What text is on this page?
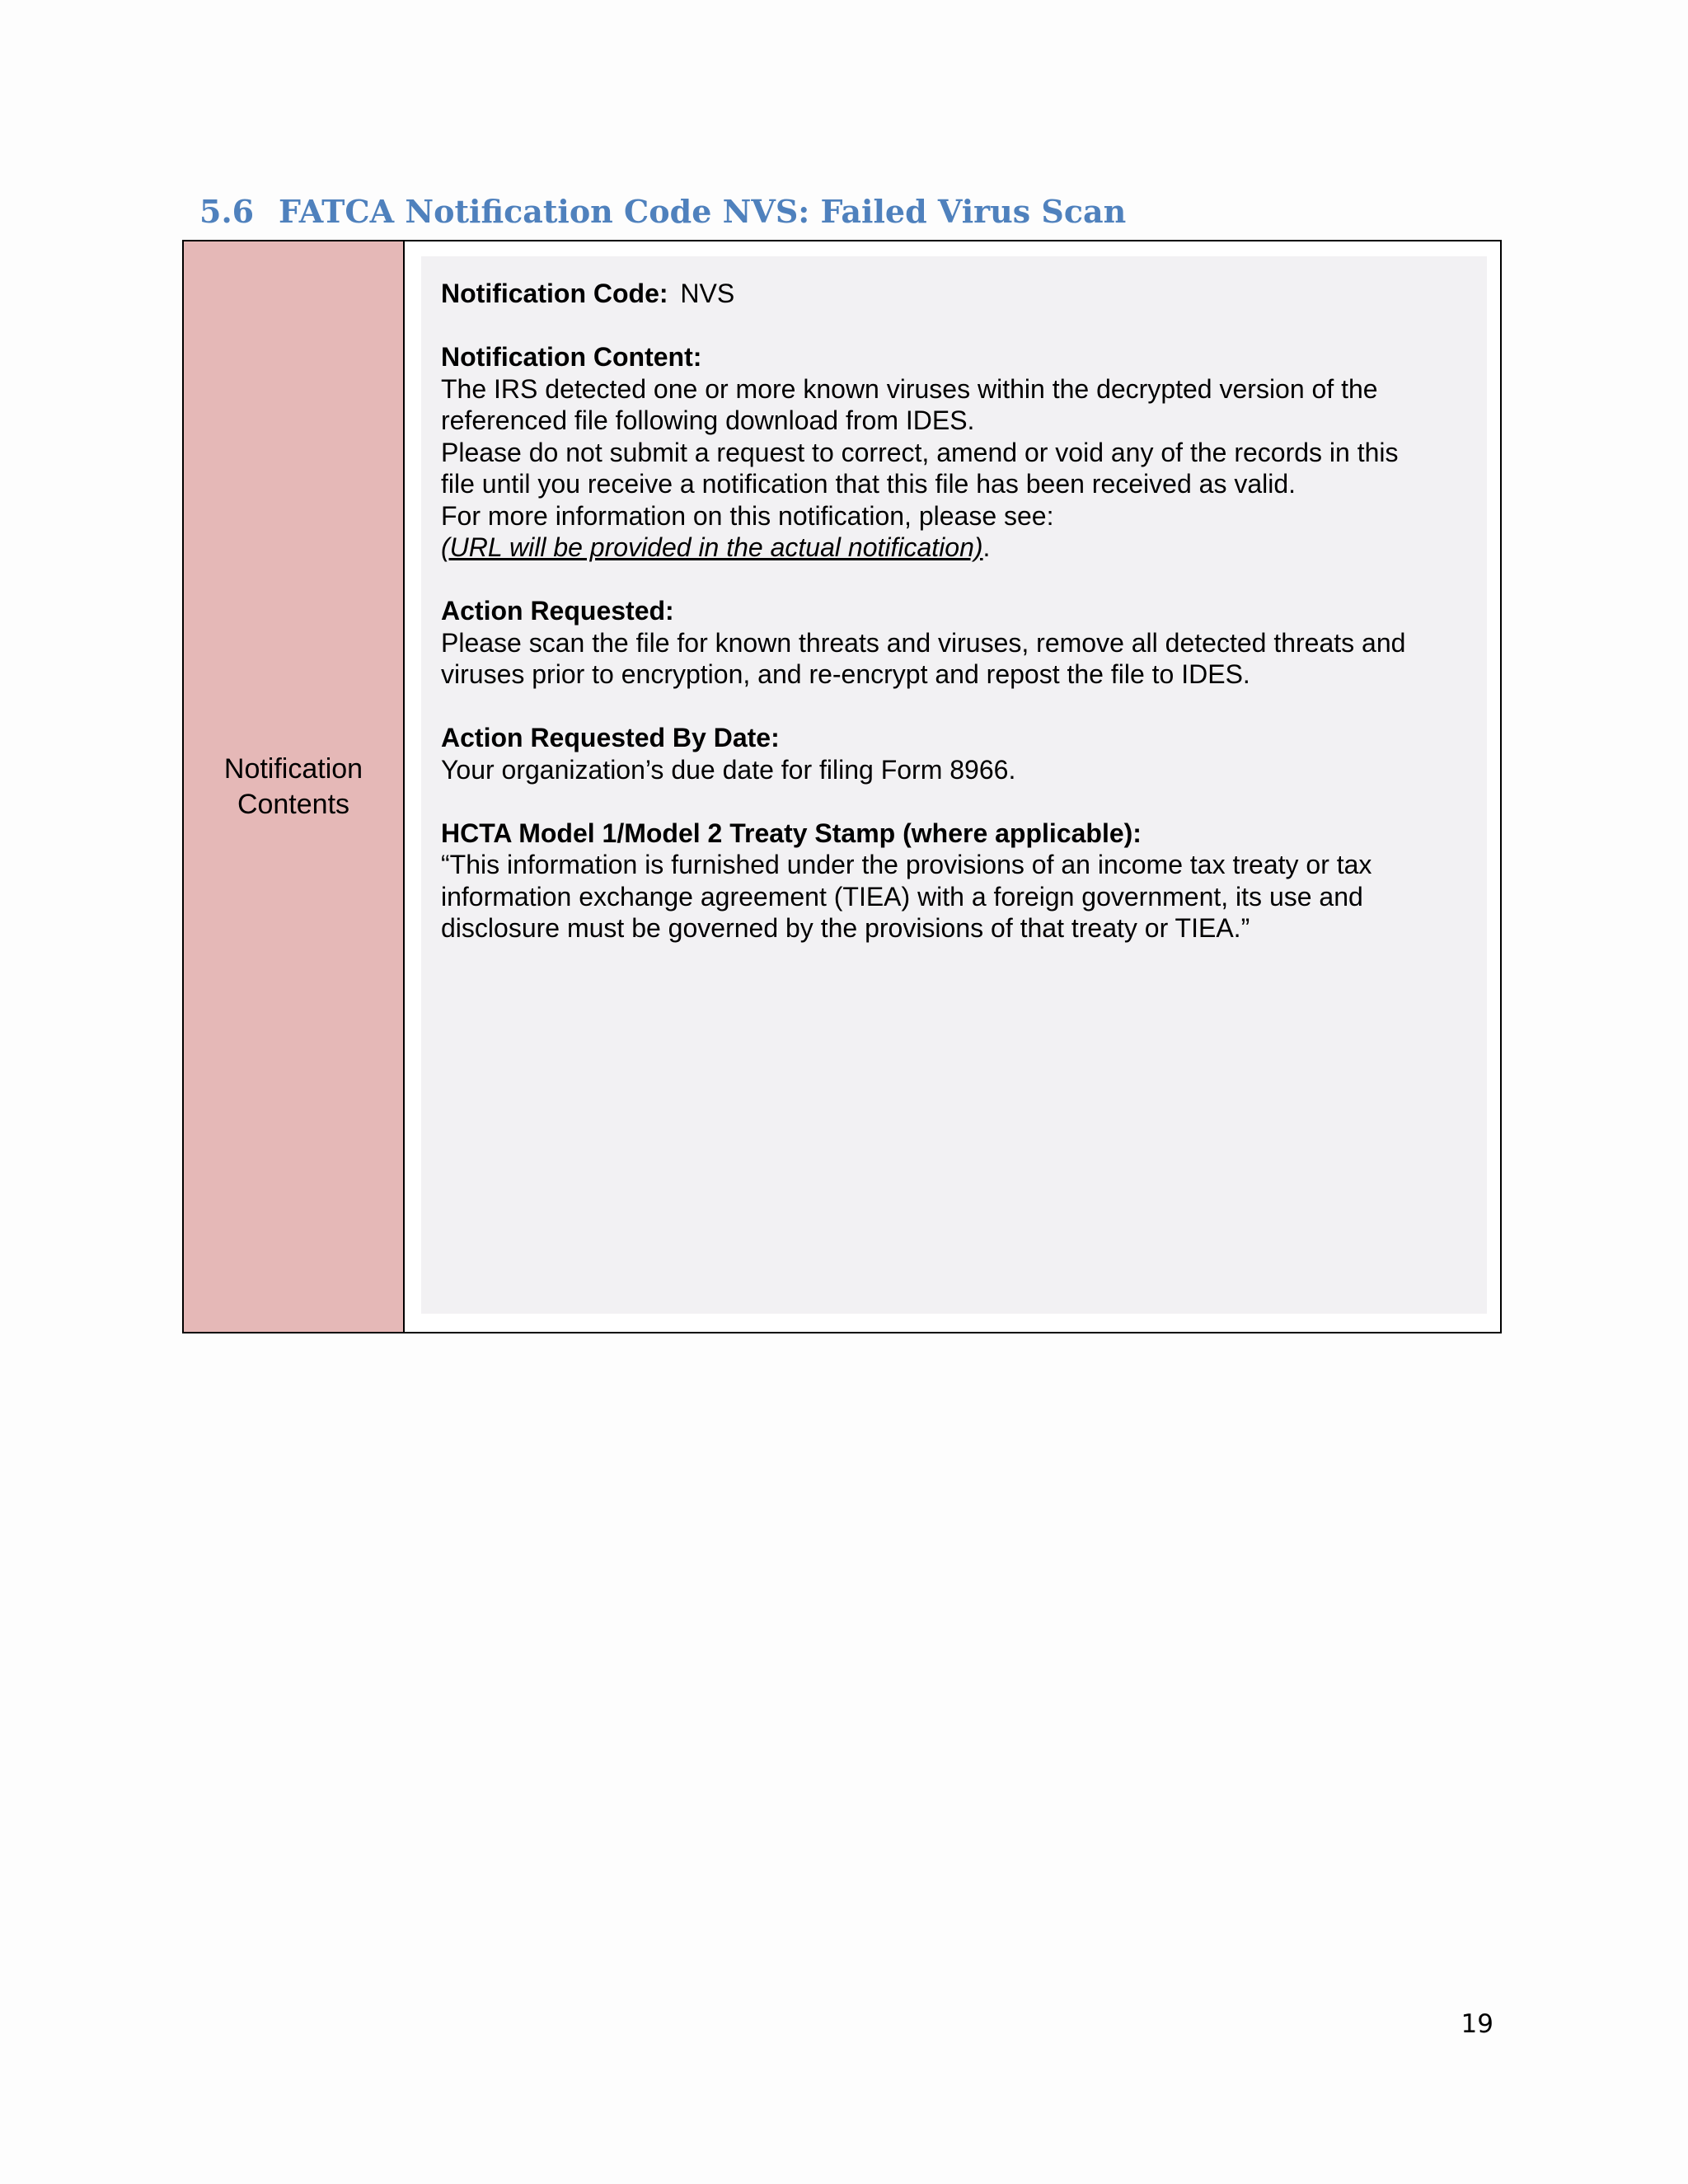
5.6 FATCA Notification Code NVS: Failed Virus Scan
Notification
Contents
Notification Code: NVS
Notification Content:
The IRS detected one or more known viruses within the decrypted version of the
referenced file following download from IDES.
Please do not submit a request to correct, amend or void any of the records in this
file until you receive a notification that this file has been received as valid.
For more information on this notification, please see:
(URL will be provided in the actual notification).
Action Requested:
Please scan the file for known threats and viruses, remove all detected threats and
viruses prior to encryption, and re-encrypt and repost the file to IDES.
Action Requested By Date:
Your organization’s due date for filing Form 8966.
HCTA Model 1/Model 2 Treaty Stamp (where applicable):
“This information is furnished under the provisions of an income tax treaty or tax
information exchange agreement (TIEA) with a foreign government, its use and
disclosure must be governed by the provisions of that treaty or TIEA.”
19
